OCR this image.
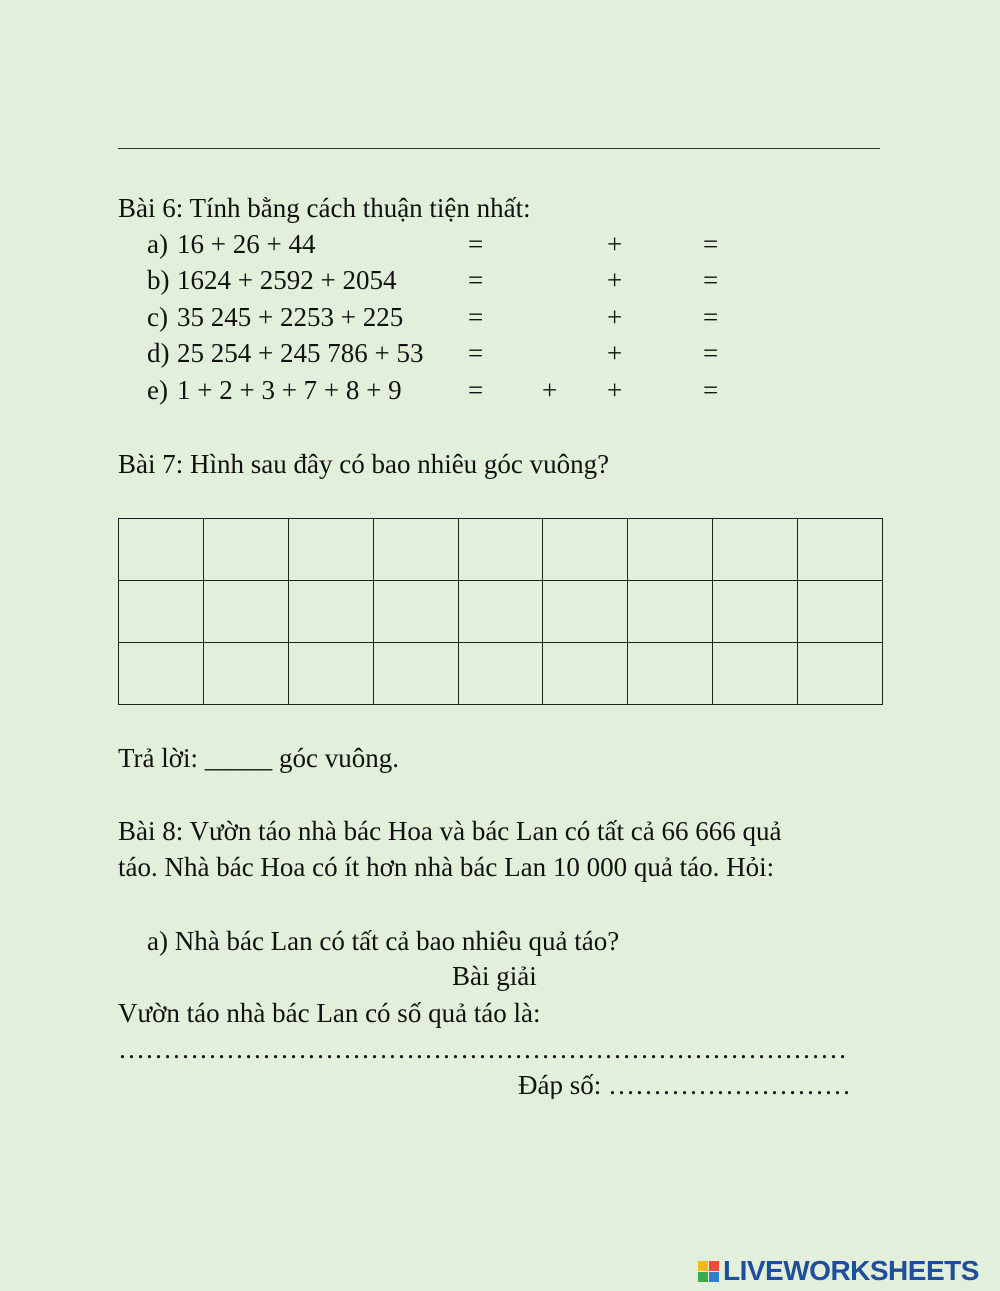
Bài 6: Tính bằng cách thuận tiện nhất:
a) 16 + 26 + 44	=	+	=
b) 1624 + 2592 + 2054	=	+	=
c) 35 245 + 2253 + 225 =	+	=
d) 25 254 + 245 786 + 53 =	+	=
e) 1 + 2 + 3 + 7 + 8 + 9 = + +	=
Bài 7: Hình sau đây có bao nhiêu góc vuông?

Trả lời: _____ góc vuông.
Bài 8: Vườn táo nhà bác Hoa và bác Lan có tất cả 66 666 quả
táo. Nhà bác Hoa có ít hơn nhà bác Lan 10 000 quả táo. Hỏi:
a) Nhà bác Lan có tất cả bao nhiêu quả táo?
Bài giải
Vườn táo nhà bác Lan có số quả táo là:
………………………………………………………………………
Đáp số: ………………………
LIVEWORKSHEETS
